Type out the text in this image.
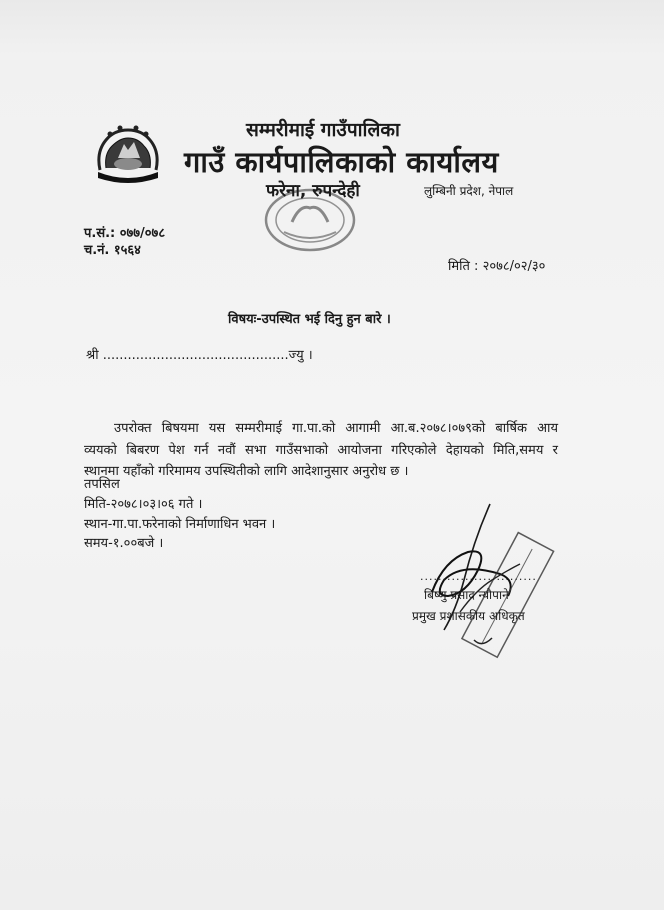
सम्मरीमाई गाउँपालिका
गाउँ कार्यपालिकाको कार्यालय
फरेना, रुपन्देही	लुम्बिनी प्रदेश, नेपाल
प.सं.: ०७७/०७८
च.नं. १५६४
मिति : २०७८/०२/३०
विषयः-उपस्थित भई दिनु हुन बारे ।
श्री .............................................ज्यु ।
उपरोक्त बिषयमा यस सम्मरीमाई गा.पा.को आगामी आ.ब.२०७८।०७९को बार्षिक आय
व्ययको बिबरण पेश गर्न नवौं सभा गाउँसभाको आयोजना गरिएकोले देहायको मिति,समय र
स्थानमा यहाँको गरिमामय उपस्थितीको लागि आदेशानुसार अनुरोध छ ।
तपसिल
मिति-२०७८।०३।०६ गते ।
स्थान-गा.पा.फरेनाको निर्माणाधिन भवन ।
समय-१.००बजे ।
..........................
बिष्णु प्रसाद न्यौपाने
प्रमुख प्रशासकीय अधिकृत
